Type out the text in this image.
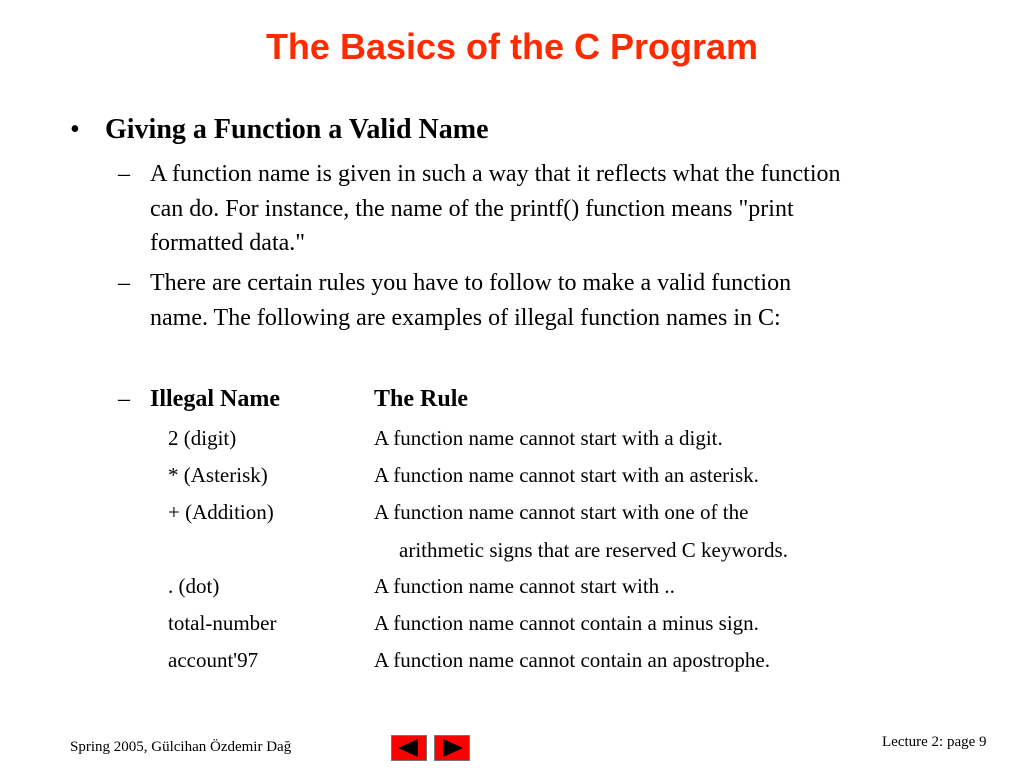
The Basics of the C Program
• Giving a Function a Valid Name
– A function name is given in such a way that it reflects what the function
can do. For instance, the name of the printf() function means "print
formatted data."
– There are certain rules you have to follow to make a valid function
name. The following are examples of illegal function names in C:
– Illegal Name	The Rule
2 (digit)	A function name cannot start with a digit.
* (Asterisk)	A function name cannot start with an asterisk.
+ (Addition)	A function name cannot start with one of the
arithmetic signs that are reserved C keywords.
. (dot)	A function name cannot start with ..
total-number	A function name cannot contain a minus sign.
account'97	A function name cannot contain an apostrophe.
Spring 2005, Gülcihan Özdemir Dağ	Lecture 2: page 9
